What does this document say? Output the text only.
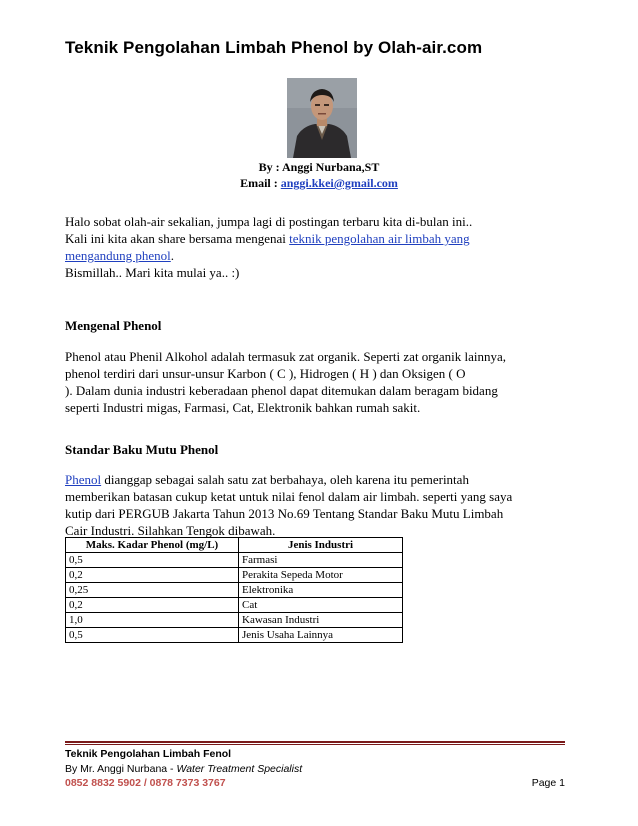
Teknik Pengolahan Limbah Phenol by Olah-air.com
By : Anggi Nurbana,ST
Email : anggi.kkei@gmail.com
Halo sobat olah-air sekalian, jumpa lagi di postingan terbaru kita di-bulan ini..
Kali ini kita akan share bersama mengenai teknik pengolahan air limbah yang
mengandung phenol.
Bismillah.. Mari kita mulai ya.. :)
Mengenal Phenol
Phenol atau Phenil Alkohol adalah termasuk zat organik. Seperti zat organik lainnya,
phenol terdiri dari unsur-unsur Karbon ( C ), Hidrogen ( H ) dan Oksigen ( O
). Dalam dunia industri keberadaan phenol dapat ditemukan dalam beragam bidang
seperti Industri migas, Farmasi, Cat, Elektronik bahkan rumah sakit.
Standar Baku Mutu Phenol
Phenol dianggap sebagai salah satu zat berbahaya, oleh karena itu pemerintah
memberikan batasan cukup ketat untuk nilai fenol dalam air limbah. seperti yang saya
kutip dari PERGUB Jakarta Tahun 2013 No.69 Tentang Standar Baku Mutu Limbah
Cair Industri. Silahkan Tengok dibawah.
Maks. Kadar Phenol (mg/L)	Jenis Industri
0,5	Farmasi
0,2	Perakita Sepeda Motor
0,25	Elektronika
0,2	Cat
1,0	Kawasan Industri
0,5	Jenis Usaha Lainnya
Teknik Pengolahan Limbah Fenol
By Mr. Anggi Nurbana - Water Treatment Specialist
0852 8832 5902 / 0878 7373 3767	Page 1
